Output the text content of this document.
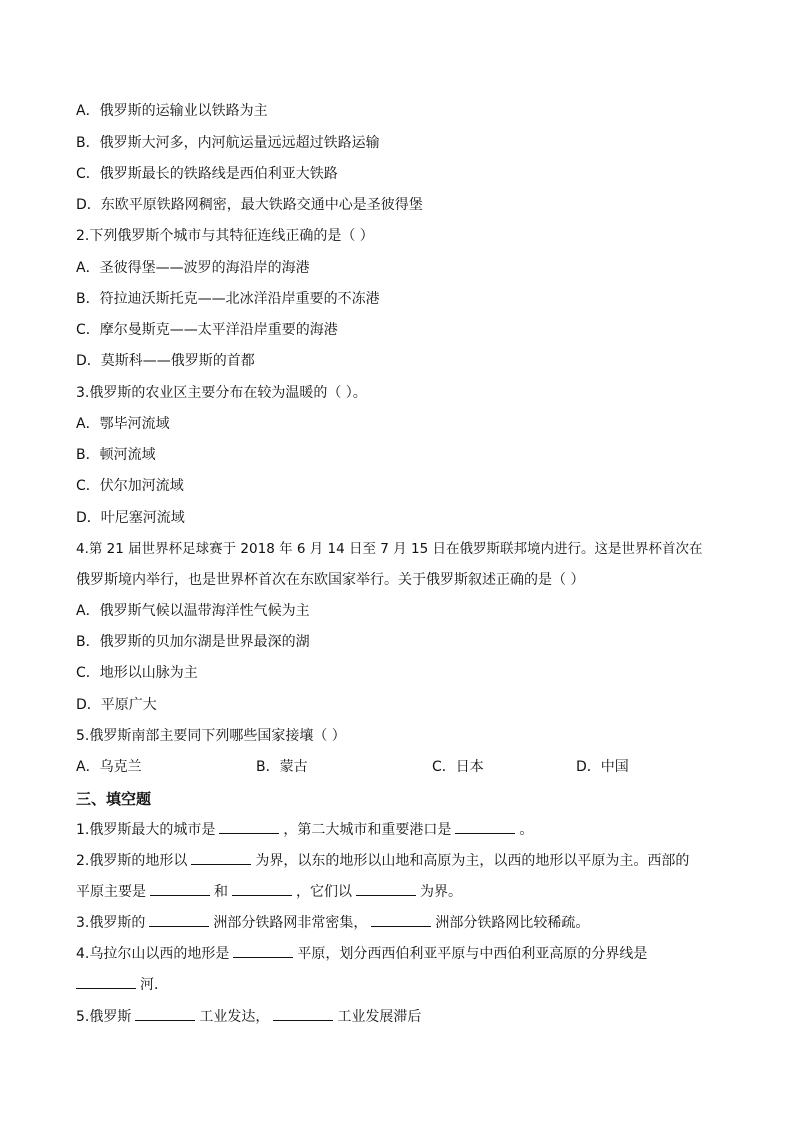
A．俄罗斯的运输业以铁路为主
B．俄罗斯大河多，内河航运量远远超过铁路运输
C．俄罗斯最长的铁路线是西伯利亚大铁路
D．东欧平原铁路网稠密，最大铁路交通中心是圣彼得堡
2.下列俄罗斯个城市与其特征连线正确的是（ ）
A．圣彼得堡——波罗的海沿岸的海港
B．符拉迪沃斯托克——北冰洋沿岸重要的不冻港
C．摩尔曼斯克——太平洋沿岸重要的海港
D．莫斯科——俄罗斯的首都
3.俄罗斯的农业区主要分布在较为温暖的（ ）。
A．鄂毕河流域
B．顿河流域
C．伏尔加河流域
D．叶尼塞河流域
4.第 21 届世界杯足球赛于 2018 年 6 月 14 日至 7 月 15 日在俄罗斯联邦境内进行。这是世界杯首次在
俄罗斯境内举行，也是世界杯首次在东欧国家举行。关于俄罗斯叙述正确的是（ ）
A．俄罗斯气候以温带海洋性气候为主
B．俄罗斯的贝加尔湖是世界最深的湖
C．地形以山脉为主
D．平原广大
5.俄罗斯南部主要同下列哪些国家接壤（ ）
A．乌克兰	B．蒙古	C．日本	D．中国
三、填空题
1.俄罗斯最大的城市是	，第二大城市和重要港口是	。
2.俄罗斯的地形以	为界，以东的地形以山地和高原为主，以西的地形以平原为主。西部的
平原主要是	和	，它们以	为界。
3.俄罗斯的	洲部分铁路网非常密集，	洲部分铁路网比较稀疏。
4.乌拉尔山以西的地形是	平原，划分西西伯利亚平原与中西伯利亚高原的分界线是
河．
5.俄罗斯	工业发达，	工业发展滞后
